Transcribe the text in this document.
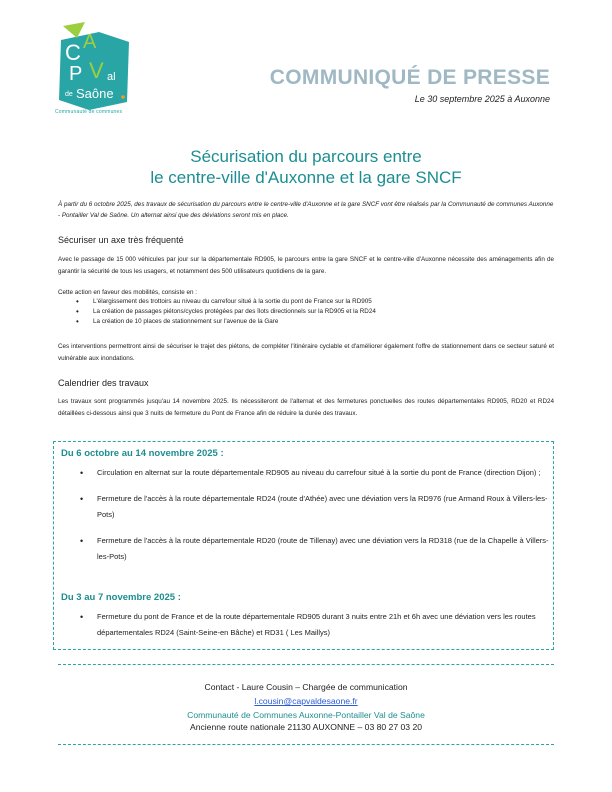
C A
P V al
de Saône
Communauté de communes
COMMUNIQUÉ DE PRESSE
Le 30 septembre 2025 à Auxonne
Sécurisation du parcours entre
le centre-ville d'Auxonne et la gare SNCF
À partir du 6 octobre 2025, des travaux de sécurisation du parcours entre le centre-ville d'Auxonne et la gare SNCF vont être réalisés par la Communauté de communes Auxonne - Pontailler Val de Saône. Un alternat ainsi que des déviations seront mis en place.
Sécuriser un axe très fréquenté
Avec le passage de 15 000 véhicules par jour sur la départementale RD905, le parcours entre la gare SNCF et le centre-ville d'Auxonne nécessite des aménagements afin de garantir la sécurité de tous les usagers, et notamment des 500 utilisateurs quotidiens de la gare.
Cette action en faveur des mobilités, consiste en :
• L'élargissement des trottoirs au niveau du carrefour situé à la sortie du pont de France sur la RD905
• La création de passages piétons/cycles protégées par des îlots directionnels sur la RD905 et la RD24
• La création de 10 places de stationnement sur l'avenue de la Gare
Ces interventions permettront ainsi de sécuriser le trajet des piétons, de compléter l'itinéraire cyclable et d'améliorer également l'offre de stationnement dans ce secteur saturé et vulnérable aux inondations.
Calendrier des travaux
Les travaux sont programmés jusqu'au 14 novembre 2025. Ils nécessiteront de l'alternat et des fermetures ponctuelles des routes départementales RD905, RD20 et RD24 détaillées ci-dessous ainsi que 3 nuits de fermeture du Pont de France afin de réduire la durée des travaux.
Du 6 octobre au 14 novembre 2025 :
• Circulation en alternat sur la route départementale RD905 au niveau du carrefour situé à la sortie du pont de France (direction Dijon) ;
• Fermeture de l'accès à la route départementale RD24 (route d'Athée) avec une déviation vers la RD976 (rue Armand Roux à Villers-les-Pots)
• Fermeture de l'accès à la route départementale RD20 (route de Tillenay) avec une déviation vers la RD318 (rue de la Chapelle à Villers-les-Pots)
Du 3 au 7 novembre 2025 :
• Fermeture du pont de France et de la route départementale RD905 durant 3 nuits entre 21h et 6h avec une déviation vers les routes départementales RD24 (Saint-Seine-en Bâche) et RD31 ( Les Maillys)
Contact - Laure Cousin – Chargée de communication
l.cousin@capvaldesaone.fr
Communauté de Communes Auxonne-Pontailler Val de Saône
Ancienne route nationale 21130 AUXONNE – 03 80 27 03 20
